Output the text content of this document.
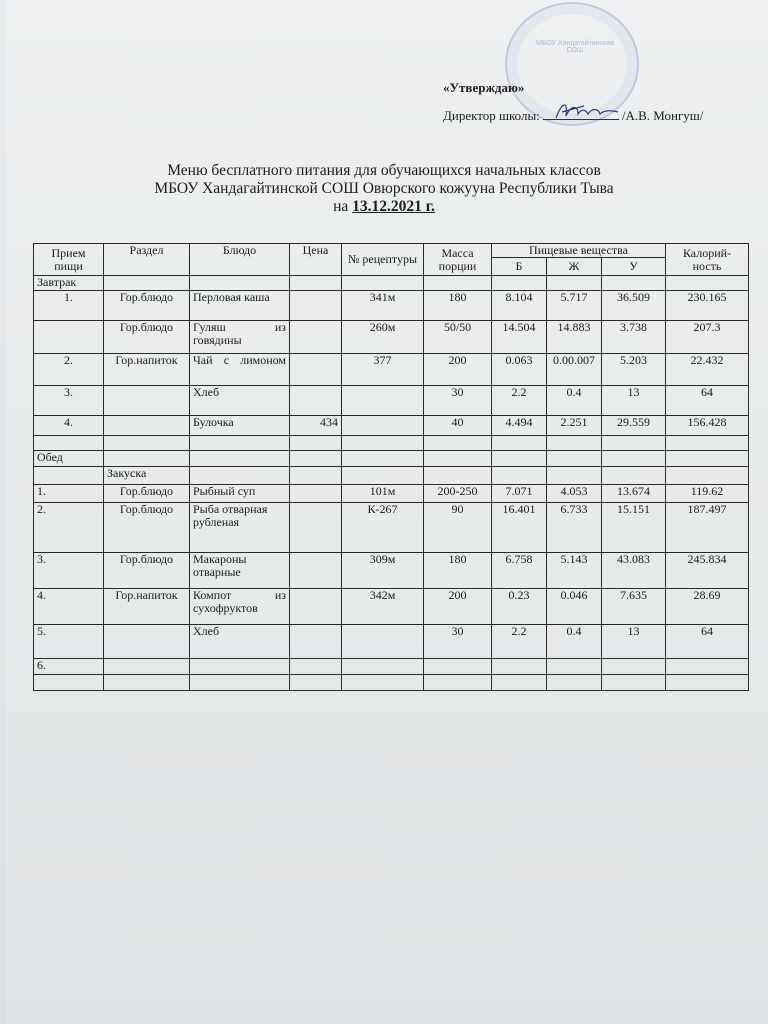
МБОУ Хандагайтинская СОШ
«Утверждаю»
Директор школы:	/А.В. Монгуш/
Меню бесплатного питания для обучающихся начальных классов
МБОУ Хандагайтинской СОШ Овюрского кожууна Республики Тыва
на 13.12.2021 г.
Прием пищи	Раздел	Блюдо	Цена	№ рецептуры	Масса порции	Пищевые вещества			Калорий-ность
						Б	Ж	У	
Завтрак									
1.	Гор.блюдо	Перловая каша		341м	180	8.104	5.717	36.509	230.165
	Гор.блюдо	Гуляш из говядины		260м	50/50	14.504	14.883	3.738	207.3
2.	Гор.напиток	Чай с лимоном		377	200	0.063	0.00.007	5.203	22.432
3.		Хлеб			30	2.2	0.4	13	64
4.		Булочка	434		40	4.494	2.251	29.559	156.428

Обед									
	Закуска								
1.	Гор.блюдо	Рыбный суп		101м	200-250	7.071	4.053	13.674	119.62
2.	Гор.блюдо	Рыба отварная рубленая		К-267	90	16.401	6.733	15.151	187.497
3.	Гор.блюдо	Макароны отварные		309м	180	6.758	5.143	43.083	245.834
4.	Гор.напиток	Компот из сухофруктов		342м	200	0.23	0.046	7.635	28.69
5.		Хлеб			30	2.2	0.4	13	64
6.									
